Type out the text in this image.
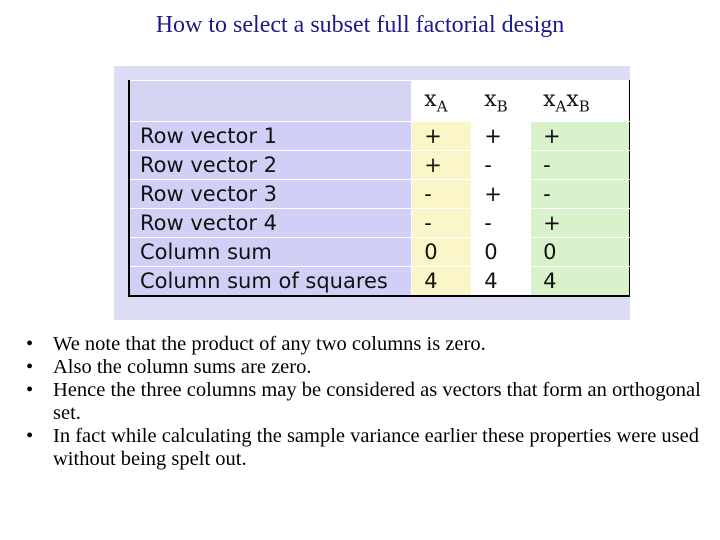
How to select a subset full factorial design
	$x_A$	$x_B$	$x_Ax_B$
Row vector 1	+	+	+
Row vector 2	+	-	-
Row vector 3	-	+	-
Row vector 4	-	-	+
Column sum	0	0	0
Column sum of squares	4	4	4
• We note that the product of any two columns is zero.
• Also the column sums are zero.
• Hence the three columns may be considered as vectors that form an orthogonal set.
• In fact while calculating the sample variance earlier these properties were used without being spelt out.
